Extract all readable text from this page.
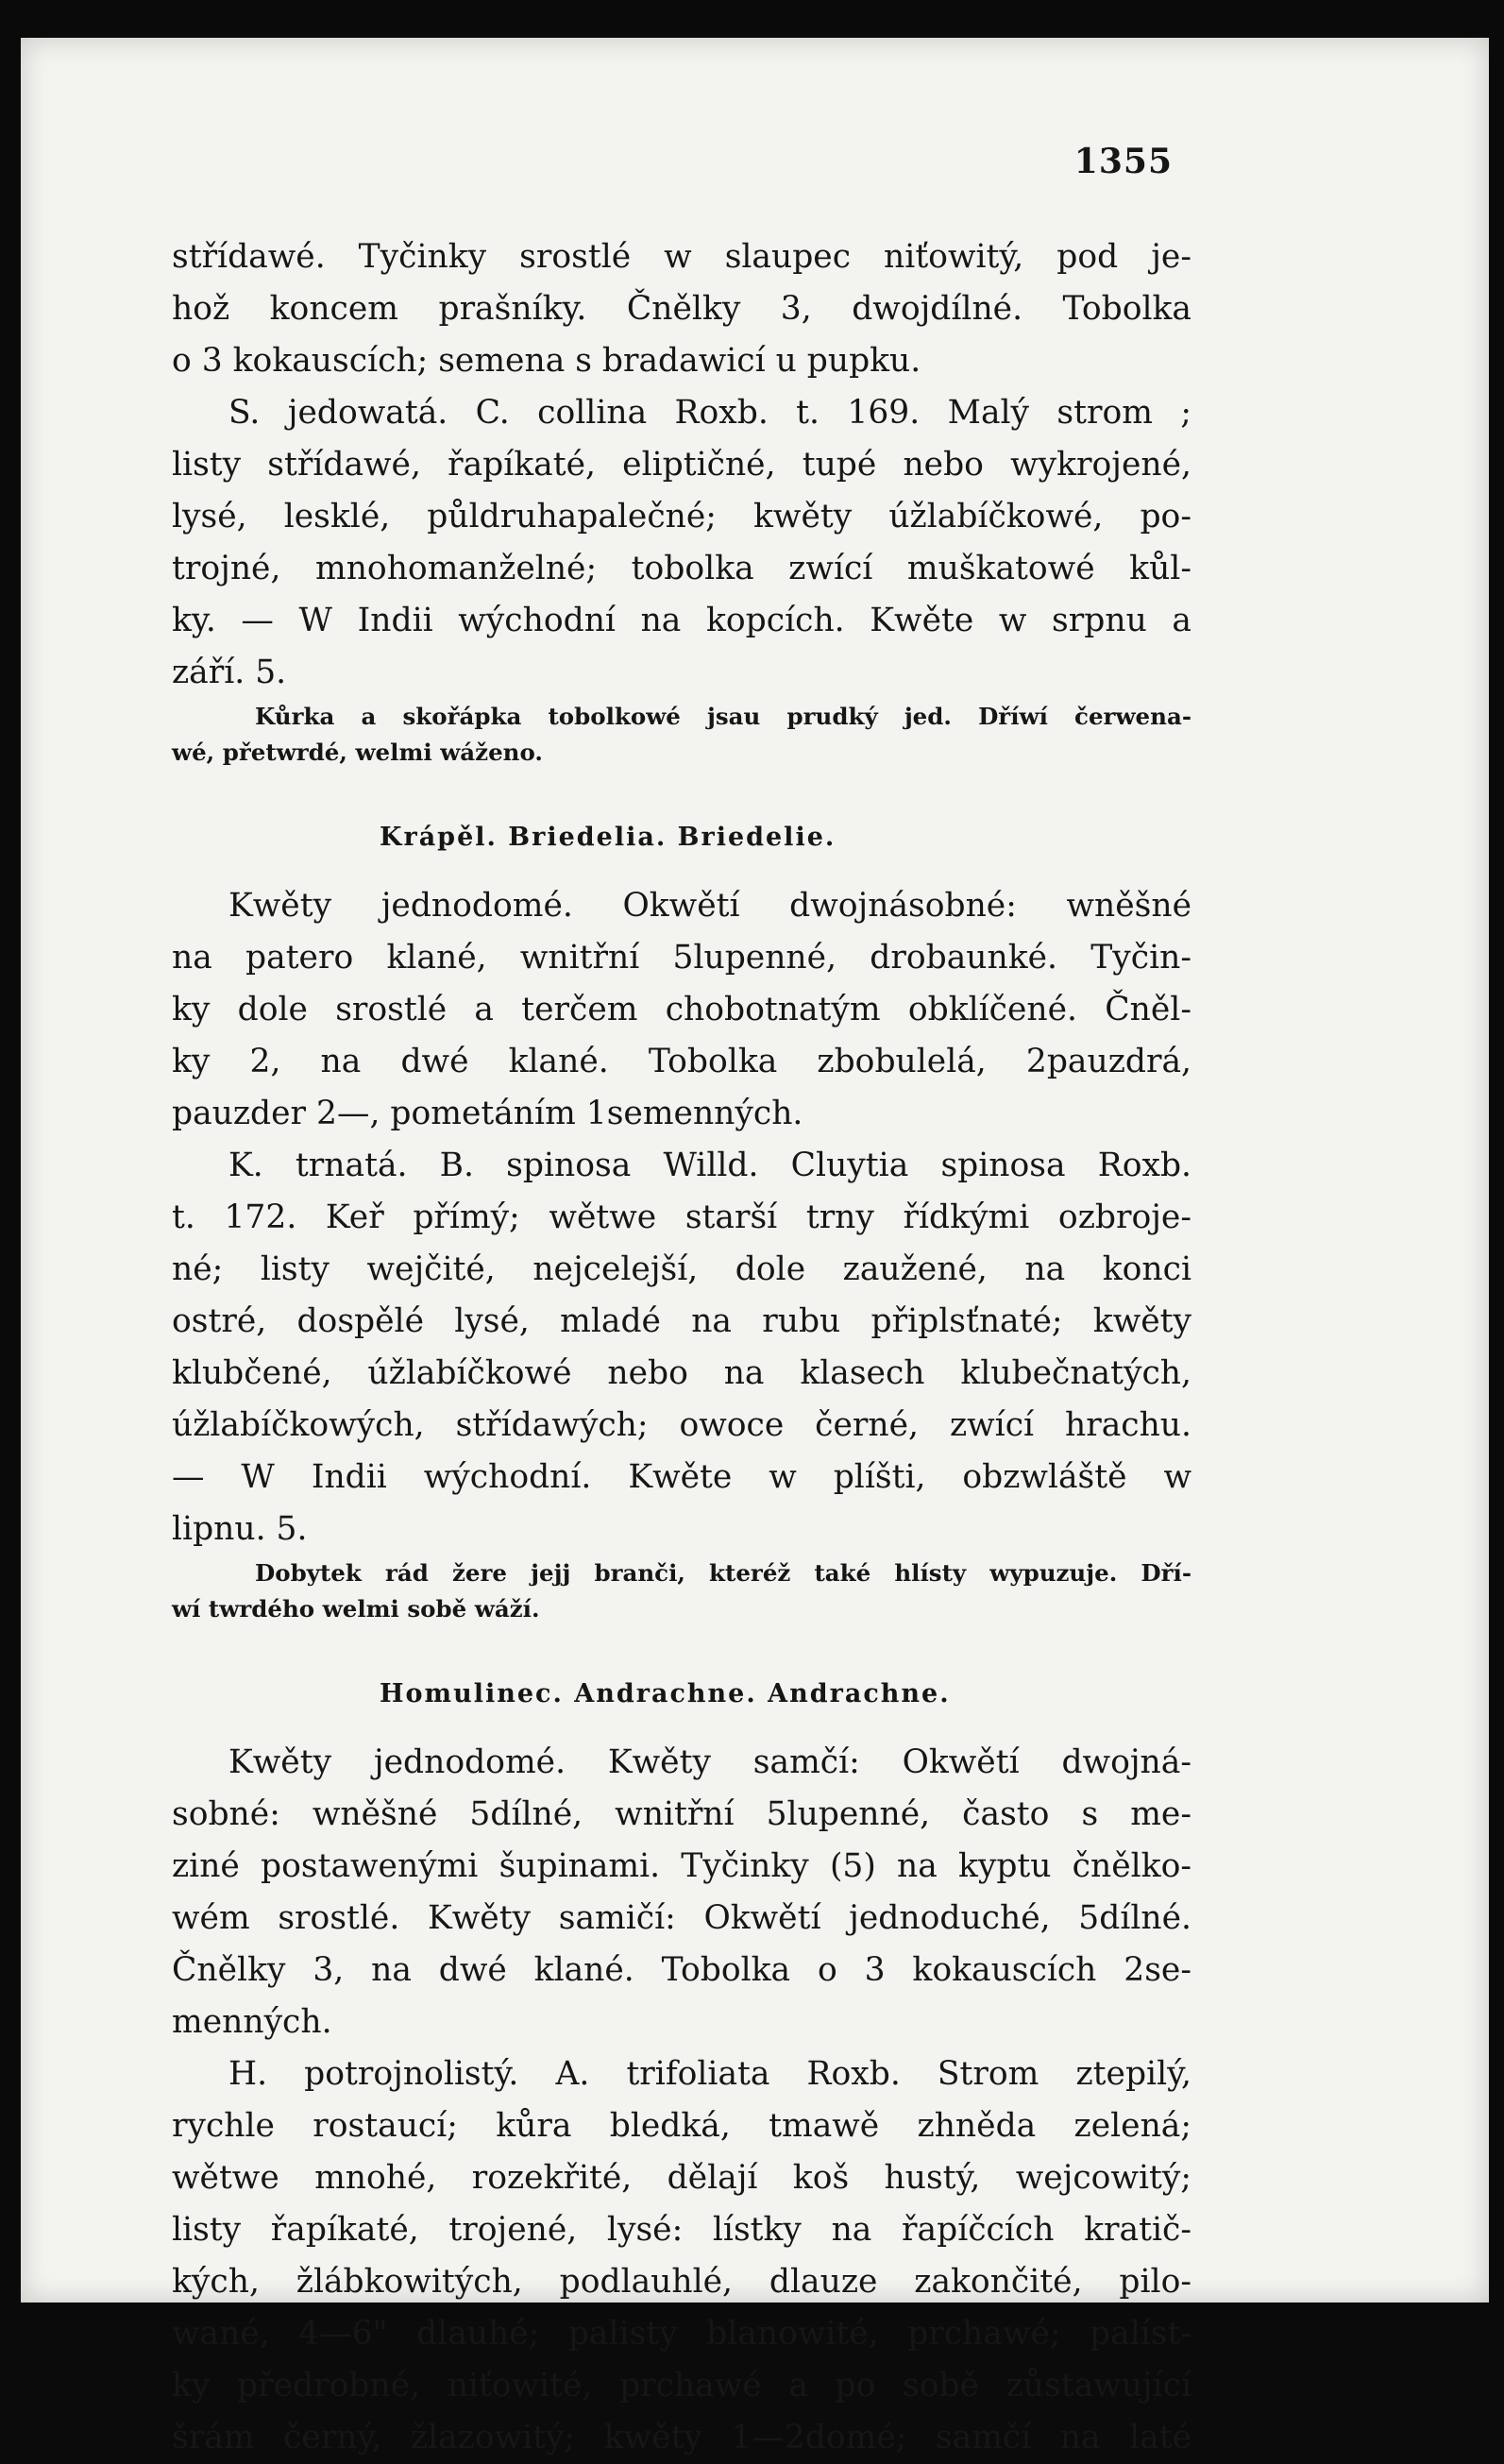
1355
střídawé. Tyčinky srostlé w slaupec niťowitý, pod je-
hož koncem prašníky. Čnělky 3, dwojdílné. Tobolka
o 3 kokauscích; semena s bradawicí u pupku.
S. jedowatá. C. collina Roxb. t. 169. Malý strom ;
listy střídawé, řapíkaté, eliptičné, tupé nebo wykrojené,
lysé, lesklé, půldruhapalečné; kwěty úžlabíčkowé, po-
trojné, mnohomanželné; tobolka zwící muškatowé kůl-
ky. — W Indii wýchodní na kopcích. Kwěte w srpnu a
září. 5.
Kůrka a skořápka tobolkowé jsau prudký jed. Dříwí čerwena-
wé, přetwrdé, welmi wáženo.
Krápěl. Briedelia. Briedelie.
Kwěty jednodomé. Okwětí dwojnásobné: wněšné
na patero klané, wnitřní 5lupenné, drobaunké. Tyčin-
ky dole srostlé a terčem chobotnatým obklíčené. Čněl-
ky 2, na dwé klané. Tobolka zbobulelá, 2pauzdrá,
pauzder 2—, pometáním 1semenných.
K. trnatá. B. spinosa Willd. Cluytia spinosa Roxb.
t. 172. Keř přímý; wětwe starší trny řídkými ozbroje-
né; listy wejčité, nejcelejší, dole zaužené, na konci
ostré, dospělé lysé, mladé na rubu připlsťnaté; kwěty
klubčené, úžlabíčkowé nebo na klasech klubečnatých,
úžlabíčkowých, střídawých; owoce černé, zwící hrachu.
— W Indii wýchodní. Kwěte w plíšti, obzwláště w
lipnu. 5.
Dobytek rád žere jejj branči, kteréž také hlísty wypuzuje. Dří-
wí twrdého welmi sobě wáží.
Homulinec. Andrachne. Andrachne.
Kwěty jednodomé. Kwěty samčí: Okwětí dwojná-
sobné: wněšné 5dílné, wnitřní 5lupenné, často s me-
ziné postawenými šupinami. Tyčinky (5) na kyptu čnělko-
wém srostlé. Kwěty samičí: Okwětí jednoduché, 5dílné.
Čnělky 3, na dwé klané. Tobolka o 3 kokauscích 2se-
menných.
H. potrojnolistý. A. trifoliata Roxb. Strom ztepilý,
rychle rostaucí; kůra bledká, tmawě zhněda zelená;
wětwe mnohé, rozekřité, dělají koš hustý, wejcowitý;
listy řapíkaté, trojené, lysé: lístky na řapíčcích kratič-
kých, žlábkowitých, podlauhlé, dlauze zakončité, pilo-
wané, 4—6" dlauhé; palisty blanowité, prchawé; palíst-
ky předrobné, niťowité, prchawé a po sobě zůstawující
šrám černý, žlazowitý; kwěty 1—2domé; samčí na laté
